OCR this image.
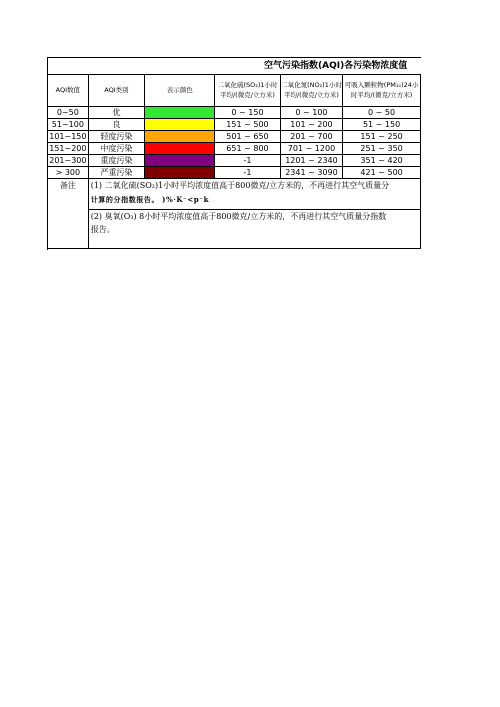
空气污染指数(AQI)各污染物浓度值
AQI数值	AQI类别	表示颜色	二氧化硫(SO₂)1小时平均/(微克/立方米)	二氧化氮(NO₂)1小时平均/(微克/立方米)	可吸入颗粒物(PM₁₀)24小时平均/(微克/立方米)
0~50	优		0 ~ 150	0 ~ 100	0 ~ 50
51~100	良		151 ~ 500	101 ~ 200	51 ~ 150
101~150	轻度污染		501 ~ 650	201 ~ 700	151 ~ 250
151~200	中度污染		651 ~ 800	701 ~ 1200	251 ~ 350
201~300	重度污染		-1	1201 ~ 2340	351 ~ 420
> 300	严重污染		-1	2341 ~ 3090	421 ~ 500
备注	(1) 二氧化硫(SO₂)1小时平均浓度值高于800微克/立方米的，不再进行其空气质量分
计算的分指数报告。 )%·K⁻<p⁻k				

	(2) 臭氧(O₃) 8小时平均浓度值高于800微克/立方米的，不再进行其空气质量分指数
报告。				
